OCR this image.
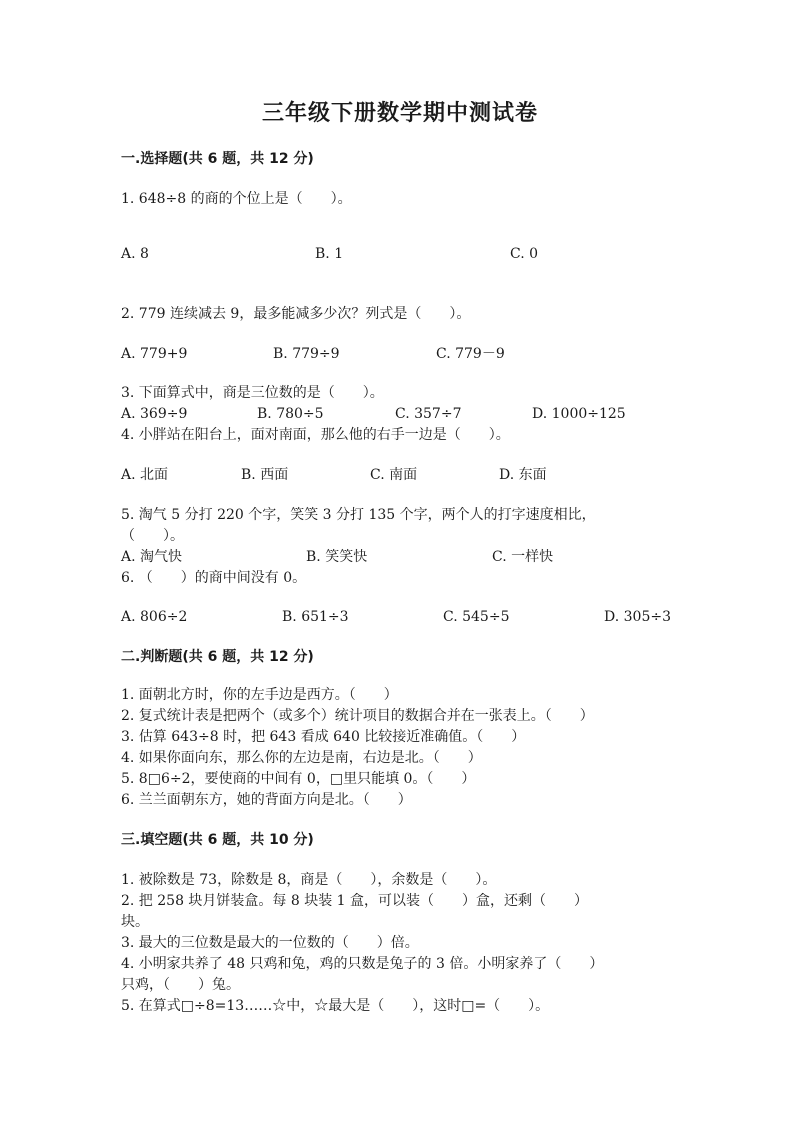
三年级下册数学期中测试卷
一.选择题(共 6 题，共 12 分)
1. 648÷8 的商的个位上是（　　）。
A. 8	B. 1	C. 0
2. 779 连续减去 9，最多能减多少次？列式是（　　）。
A. 779+9	B. 779÷9	C. 779－9
3. 下面算式中，商是三位数的是（　　）。
A. 369÷9	B. 780÷5	C. 357÷7	D. 1000÷125
4. 小胖站在阳台上，面对南面，那么他的右手一边是（　　）。
A. 北面	B. 西面	C. 南面	D. 东面
5. 淘气 5 分打 220 个字，笑笑 3 分打 135 个字，两个人的打字速度相比，
（　　）。
A. 淘气快	B. 笑笑快	C. 一样快
6. （　　）的商中间没有 0。
A. 806÷2	B. 651÷3	C. 545÷5	D. 305÷3
二.判断题(共 6 题，共 12 分)
1. 面朝北方时，你的左手边是西方。（　　）
2. 复式统计表是把两个（或多个）统计项目的数据合并在一张表上。（　　）
3. 估算 643÷8 时，把 643 看成 640 比较接近准确值。（　　）
4. 如果你面向东，那么你的左边是南，右边是北。（　　）
5. 8□6÷2，要使商的中间有 0，□里只能填 0。（　　）
6. 兰兰面朝东方，她的背面方向是北。（　　）
三.填空题(共 6 题，共 10 分)
1. 被除数是 73，除数是 8，商是（　　），余数是（　　）。
2. 把 258 块月饼装盒。每 8 块装 1 盒，可以装（　　）盒，还剩（　　）
块。
3. 最大的三位数是最大的一位数的（　　）倍。
4. 小明家共养了 48 只鸡和兔，鸡的只数是兔子的 3 倍。小明家养了（　　）
只鸡，（　　）兔。
5. 在算式□÷8=13……☆中，☆最大是（　　），这时□=（　　）。
